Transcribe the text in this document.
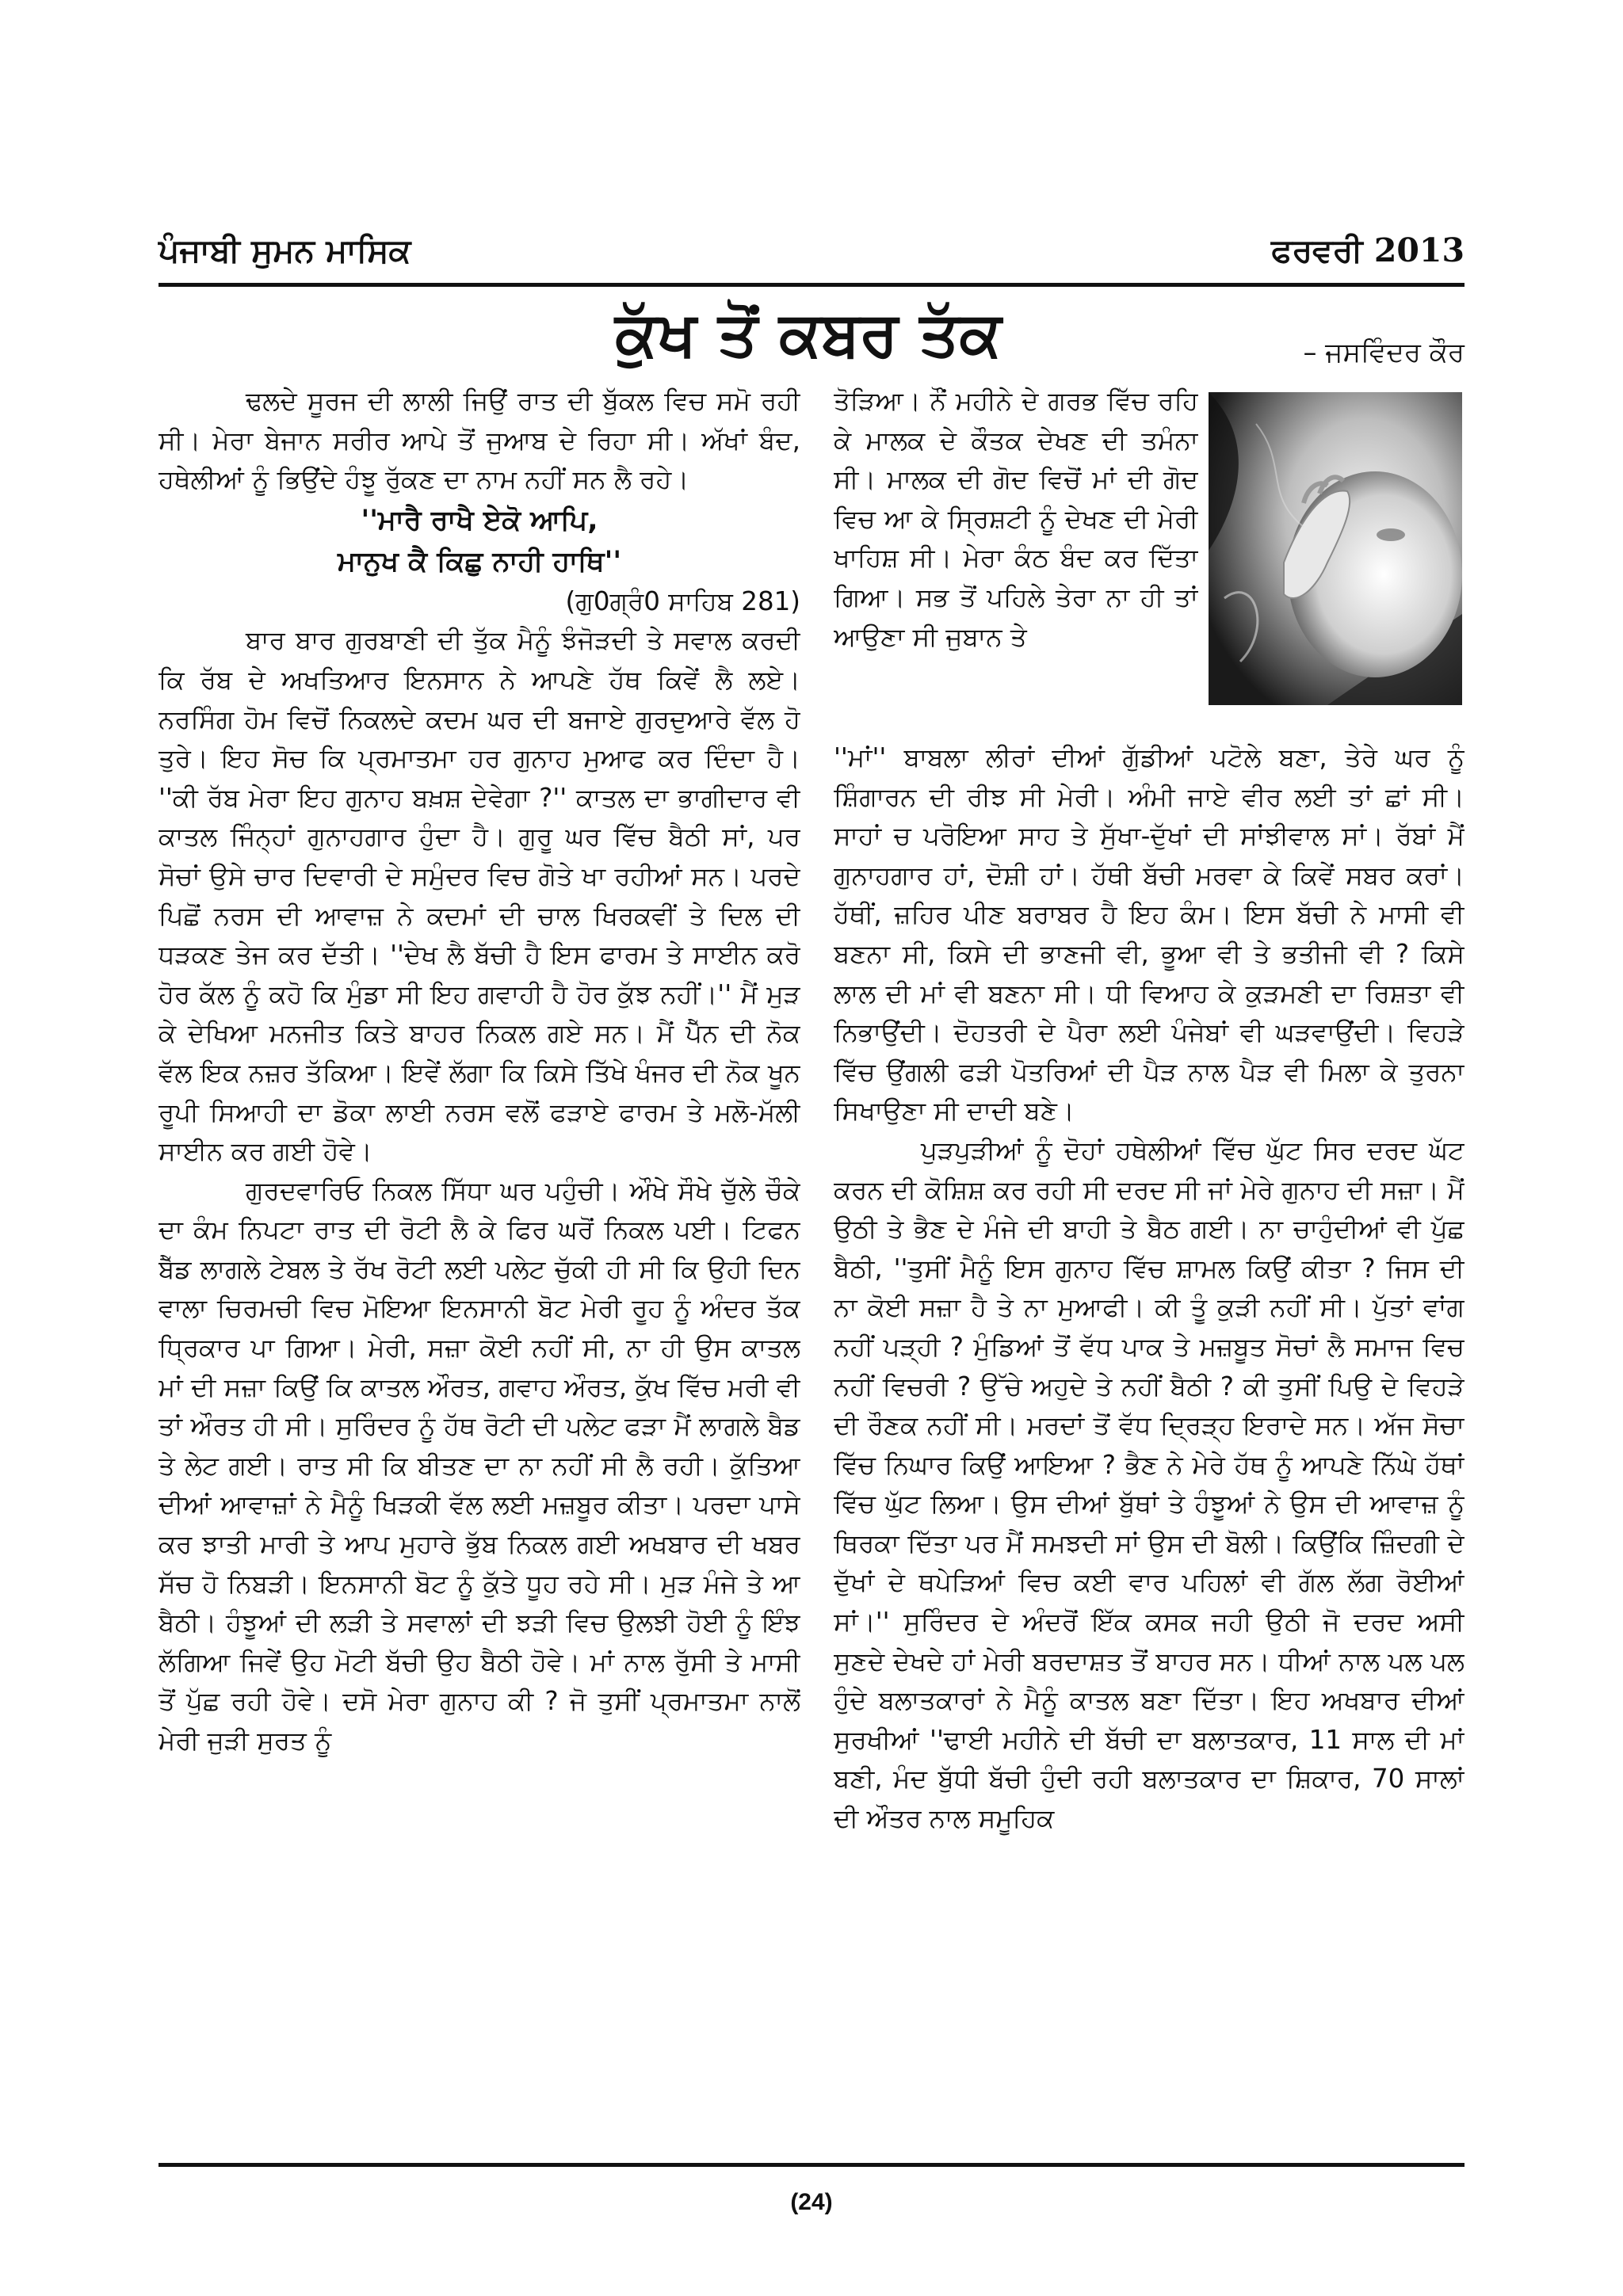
ਪੰਜਾਬੀ ਸੁਮਨ ਮਾਸਿਕ	ਫਰਵਰੀ 2013
ਕੁੱਖ ਤੋਂ ਕਬਰ ਤੱਕ	– ਜਸਵਿੰਦਰ ਕੌਰ

ਢਲਦੇ ਸੂਰਜ ਦੀ ਲਾਲੀ ਜਿਉਂ ਰਾਤ ਦੀ ਬੁੱਕਲ ਵਿਚ ਸਮੋ ਰਹੀ ਸੀ। ਮੇਰਾ ਬੇਜਾਨ ਸਰੀਰ ਆਪੇ ਤੋਂ ਜੁਆਬ ਦੇ ਰਿਹਾ ਸੀ। ਅੱਖਾਂ ਬੰਦ, ਹਥੇਲੀਆਂ ਨੂੰ ਭਿਉਂਦੇ ਹੰਝੂ ਰੁੱਕਣ ਦਾ ਨਾਮ ਨਹੀਂ ਸਨ ਲੈ ਰਹੇ।

''ਮਾਰੈ ਰਾਖੈ ਏਕੋ ਆਪਿ,

ਮਾਨੁਖ ਕੈ ਕਿਛੁ ਨਾਹੀ ਹਾਥਿ''

(ਗੁ0ਗ੍ਰੰ0 ਸਾਹਿਬ 281)

ਬਾਰ ਬਾਰ ਗੁਰਬਾਣੀ ਦੀ ਤੁੱਕ ਮੈਨੂੰ ਝੰਜੋੜਦੀ ਤੇ ਸਵਾਲ ਕਰਦੀ ਕਿ ਰੱਬ ਦੇ ਅਖਤਿਆਰ ਇਨਸਾਨ ਨੇ ਆਪਣੇ ਹੱਥ ਕਿਵੇਂ ਲੈ ਲਏ। ਨਰਸਿੰਗ ਹੋਮ ਵਿਚੋਂ ਨਿਕਲਦੇ ਕਦਮ ਘਰ ਦੀ ਬਜਾਏ ਗੁਰਦੁਆਰੇ ਵੱਲ ਹੋ ਤੁਰੇ। ਇਹ ਸੋਚ ਕਿ ਪ੍ਰਮਾਤਮਾ ਹਰ ਗੁਨਾਹ ਮੁਆਫ ਕਰ ਦਿੰਦਾ ਹੈ। ''ਕੀ ਰੱਬ ਮੇਰਾ ਇਹ ਗੁਨਾਹ ਬਖ਼ਸ਼ ਦੇਵੇਗਾ ?'' ਕਾਤਲ ਦਾ ਭਾਗੀਦਾਰ ਵੀ ਕਾਤਲ ਜਿੰਨ੍ਹਾਂ ਗੁਨਾਹਗਾਰ ਹੁੰਦਾ ਹੈ। ਗੁਰੂ ਘਰ ਵਿੱਚ ਬੈਠੀ ਸਾਂ, ਪਰ ਸੋਚਾਂ ਉਸੇ ਚਾਰ ਦਿਵਾਰੀ ਦੇ ਸਮੁੰਦਰ ਵਿਚ ਗੋਤੇ ਖਾ ਰਹੀਆਂ ਸਨ। ਪਰਦੇ ਪਿਛੋਂ ਨਰਸ ਦੀ ਆਵਾਜ਼ ਨੇ ਕਦਮਾਂ ਦੀ ਚਾਲ ਖਿਰਕਵੀਂ ਤੇ ਦਿਲ ਦੀ ਧੜਕਣ ਤੇਜ ਕਰ ਦੱਤੀ। ''ਦੇਖ ਲੈ ਬੱਚੀ ਹੈ ਇਸ ਫਾਰਮ ਤੇ ਸਾਈਨ ਕਰੋ ਹੋਰ ਕੱਲ ਨੂੰ ਕਹੋ ਕਿ ਮੁੰਡਾ ਸੀ ਇਹ ਗਵਾਹੀ ਹੈ ਹੋਰ ਕੁੱਝ ਨਹੀਂ।'' ਮੈਂ ਮੁੜ ਕੇ ਦੇਖਿਆ ਮਨਜੀਤ ਕਿਤੇ ਬਾਹਰ ਨਿਕਲ ਗਏ ਸਨ। ਮੈਂ ਪੈੱਨ ਦੀ ਨੋਕ ਵੱਲ ਇਕ ਨਜ਼ਰ ਤੱਕਿਆ। ਇਵੇਂ ਲੱਗਾ ਕਿ ਕਿਸੇ ਤਿੱਖੇ ਖੰਜਰ ਦੀ ਨੋਕ ਖੂਨ ਰੂਪੀ ਸਿਆਹੀ ਦਾ ਡੋਕਾ ਲਾਈ ਨਰਸ ਵਲੋਂ ਫੜਾਏ ਫਾਰਮ ਤੇ ਮਲੋ-ਮੱਲੀ ਸਾਈਨ ਕਰ ਗਈ ਹੋਵੇ।

ਗੁਰਦਵਾਰਿਓ ਨਿਕਲ ਸਿੱਧਾ ਘਰ ਪਹੁੰਚੀ। ਔਖੇ ਸੌਖੇ ਚੁੱਲੇ ਚੌਕੇ ਦਾ ਕੰਮ ਨਿਪਟਾ ਰਾਤ ਦੀ ਰੋਟੀ ਲੈ ਕੇ ਫਿਰ ਘਰੋਂ ਨਿਕਲ ਪਈ। ਟਿਫਨ ਬੈੱਡ ਲਾਗਲੇ ਟੇਬਲ ਤੇ ਰੱਖ ਰੋਟੀ ਲਈ ਪਲੇਟ ਚੁੱਕੀ ਹੀ ਸੀ ਕਿ ਉਹੀ ਦਿਨ ਵਾਲਾ ਚਿਰਮਚੀ ਵਿਚ ਮੋਇਆ ਇਨਸਾਨੀ ਬੋਟ ਮੇਰੀ ਰੂਹ ਨੂੰ ਅੰਦਰ ਤੱਕ ਧ੍ਰਿਕਾਰ ਪਾ ਗਿਆ। ਮੇਰੀ, ਸਜ਼ਾ ਕੋਈ ਨਹੀਂ ਸੀ, ਨਾ ਹੀ ਉਸ ਕਾਤਲ ਮਾਂ ਦੀ ਸਜ਼ਾ ਕਿਉਂ ਕਿ ਕਾਤਲ ਔਰਤ, ਗਵਾਹ ਔਰਤ, ਕੁੱਖ ਵਿੱਚ ਮਰੀ ਵੀ ਤਾਂ ਔਰਤ ਹੀ ਸੀ। ਸੁਰਿੰਦਰ ਨੂੰ ਹੱਥ ਰੋਟੀ ਦੀ ਪਲੇਟ ਫੜਾ ਮੈਂ ਲਾਗਲੇ ਬੈਡ ਤੇ ਲੇਟ ਗਈ। ਰਾਤ ਸੀ ਕਿ ਬੀਤਣ ਦਾ ਨਾ ਨਹੀਂ ਸੀ ਲੈ ਰਹੀ। ਕੁੱਤਿਆ ਦੀਆਂ ਆਵਾਜ਼ਾਂ ਨੇ ਮੈਨੂੰ ਖਿੜਕੀ ਵੱਲ ਲਈ ਮਜ਼ਬੂਰ ਕੀਤਾ। ਪਰਦਾ ਪਾਸੇ ਕਰ ਝਾਤੀ ਮਾਰੀ ਤੇ ਆਪ ਮੁਹਾਰੇ ਭੁੱਬ ਨਿਕਲ ਗਈ ਅਖਬਾਰ ਦੀ ਖਬਰ ਸੱਚ ਹੋ ਨਿਬੜੀ। ਇਨਸਾਨੀ ਬੋਟ ਨੂੰ ਕੁੱਤੇ ਧੂਹ ਰਹੇ ਸੀ। ਮੁੜ ਮੰਜੇ ਤੇ ਆ ਬੈਠੀ। ਹੰਝੂਆਂ ਦੀ ਲੜੀ ਤੇ ਸਵਾਲਾਂ ਦੀ ਝੜੀ ਵਿਚ ਉਲਝੀ ਹੋਈ ਨੂੰ ਇੰਝ ਲੱਗਿਆ ਜਿਵੇਂ ਉਹ ਮੋਟੀ ਬੱਚੀ ਉਹ ਬੈਠੀ ਹੋਵੇ। ਮਾਂ ਨਾਲ ਰੁੱਸੀ ਤੇ ਮਾਸੀ ਤੋਂ ਪੁੱਛ ਰਹੀ ਹੋਵੇ। ਦਸੋ ਮੇਰਾ ਗੁਨਾਹ ਕੀ ? ਜੋ ਤੁਸੀਂ ਪ੍ਰਮਾਤਮਾ ਨਾਲੋਂ ਮੇਰੀ ਜੁੜੀ ਸੁਰਤ ਨੂੰ

ਤੋੜਿਆ। ਨੌਂ ਮਹੀਨੇ ਦੇ ਗਰਭ ਵਿੱਚ ਰਹਿ ਕੇ ਮਾਲਕ ਦੇ ਕੌਤਕ ਦੇਖਣ ਦੀ ਤਮੰਨਾ ਸੀ। ਮਾਲਕ ਦੀ ਗੋਦ ਵਿਚੋਂ ਮਾਂ ਦੀ ਗੋਦ ਵਿਚ ਆ ਕੇ ਸ੍ਰਿਸ਼ਟੀ ਨੂੰ ਦੇਖਣ ਦੀ ਮੇਰੀ ਖਾਹਿਸ਼ ਸੀ। ਮੇਰਾ ਕੰਠ ਬੰਦ ਕਰ ਦਿੱਤਾ ਗਿਆ। ਸਭ ਤੋਂ ਪਹਿਲੇ ਤੇਰਾ ਨਾ ਹੀ ਤਾਂ ਆਉਣਾ ਸੀ ਜੁਬਾਨ ਤੇ

''ਮਾਂ'' ਬਾਬਲਾ ਲੀਰਾਂ ਦੀਆਂ ਗੁੱਡੀਆਂ ਪਟੋਲੇ ਬਣਾ, ਤੇਰੇ ਘਰ ਨੂੰ ਸ਼ਿੰਗਾਰਨ ਦੀ ਰੀਝ ਸੀ ਮੇਰੀ। ਅੰਮੀ ਜਾਏ ਵੀਰ ਲਈ ਤਾਂ ਛਾਂ ਸੀ। ਸਾਹਾਂ ਚ ਪਰੋਇਆ ਸਾਹ ਤੇ ਸੁੱਖਾ-ਦੁੱਖਾਂ ਦੀ ਸਾਂਝੀਵਾਲ ਸਾਂ। ਰੱਬਾਂ ਮੈਂ ਗੁਨਾਹਗਾਰ ਹਾਂ, ਦੋਸ਼ੀ ਹਾਂ। ਹੱਥੀ ਬੱਚੀ ਮਰਵਾ ਕੇ ਕਿਵੇਂ ਸਬਰ ਕਰਾਂ। ਹੱਥੀਂ, ਜ਼ਹਿਰ ਪੀਣ ਬਰਾਬਰ ਹੈ ਇਹ ਕੰਮ। ਇਸ ਬੱਚੀ ਨੇ ਮਾਸੀ ਵੀ ਬਣਨਾ ਸੀ, ਕਿਸੇ ਦੀ ਭਾਣਜੀ ਵੀ, ਭੂਆ ਵੀ ਤੇ ਭਤੀਜੀ ਵੀ ? ਕਿਸੇ ਲਾਲ ਦੀ ਮਾਂ ਵੀ ਬਣਨਾ ਸੀ। ਧੀ ਵਿਆਹ ਕੇ ਕੁੜਮਣੀ ਦਾ ਰਿਸ਼ਤਾ ਵੀ ਨਿਭਾਉਂਦੀ। ਦੋਹਤਰੀ ਦੇ ਪੈਰਾ ਲਈ ਪੰਜੇਬਾਂ ਵੀ ਘੜਵਾਉਂਦੀ। ਵਿਹੜੇ ਵਿੱਚ ਉਂਗਲੀ ਫੜੀ ਪੋਤਰਿਆਂ ਦੀ ਪੈੜ ਨਾਲ ਪੈੜ ਵੀ ਮਿਲਾ ਕੇ ਤੁਰਨਾ ਸਿਖਾਉਣਾ ਸੀ ਦਾਦੀ ਬਣੇ।

ਪੁੜਪੁੜੀਆਂ ਨੂੰ ਦੋਹਾਂ ਹਥੇਲੀਆਂ ਵਿੱਚ ਘੁੱਟ ਸਿਰ ਦਰਦ ਘੱਟ ਕਰਨ ਦੀ ਕੋਸ਼ਿਸ਼ ਕਰ ਰਹੀ ਸੀ ਦਰਦ ਸੀ ਜਾਂ ਮੇਰੇ ਗੁਨਾਹ ਦੀ ਸਜ਼ਾ। ਮੈਂ ਉਠੀ ਤੇ ਭੈਣ ਦੇ ਮੰਜੇ ਦੀ ਬਾਹੀ ਤੇ ਬੈਠ ਗਈ। ਨਾ ਚਾਹੁੰਦੀਆਂ ਵੀ ਪੁੱਛ ਬੈਠੀ, ''ਤੁਸੀਂ ਮੈਨੂੰ ਇਸ ਗੁਨਾਹ ਵਿੱਚ ਸ਼ਾਮਲ ਕਿਉਂ ਕੀਤਾ ? ਜਿਸ ਦੀ ਨਾ ਕੋਈ ਸਜ਼ਾ ਹੈ ਤੇ ਨਾ ਮੁਆਫੀ। ਕੀ ਤੂੰ ਕੁੜੀ ਨਹੀਂ ਸੀ। ਪੁੱਤਾਂ ਵਾਂਗ ਨਹੀਂ ਪੜ੍ਹੀ ? ਮੁੰਡਿਆਂ ਤੋਂ ਵੱਧ ਪਾਕ ਤੇ ਮਜ਼ਬੂਤ ਸੋਚਾਂ ਲੈ ਸਮਾਜ ਵਿਚ ਨਹੀਂ ਵਿਚਰੀ ? ਉੱਚੇ ਅਹੁਦੇ ਤੇ ਨਹੀਂ ਬੈਠੀ ? ਕੀ ਤੁਸੀਂ ਪਿਉ ਦੇ ਵਿਹੜੇ ਦੀ ਰੌਣਕ ਨਹੀਂ ਸੀ। ਮਰਦਾਂ ਤੋਂ ਵੱਧ ਦ੍ਰਿੜ੍ਹ ਇਰਾਦੇ ਸਨ। ਅੱਜ ਸੋਚਾ ਵਿੱਚ ਨਿਘਾਰ ਕਿਉਂ ਆਇਆ ? ਭੈਣ ਨੇ ਮੇਰੇ ਹੱਥ ਨੂੰ ਆਪਣੇ ਨਿੱਘੇ ਹੱਥਾਂ ਵਿੱਚ ਘੁੱਟ ਲਿਆ। ਉਸ ਦੀਆਂ ਬੁੱਥਾਂ ਤੇ ਹੰਝੂਆਂ ਨੇ ਉਸ ਦੀ ਆਵਾਜ਼ ਨੂੰ ਥਿਰਕਾ ਦਿੱਤਾ ਪਰ ਮੈਂ ਸਮਝਦੀ ਸਾਂ ਉਸ ਦੀ ਬੋਲੀ। ਕਿਉਂਕਿ ਜ਼ਿੰਦਗੀ ਦੇ ਦੁੱਖਾਂ ਦੇ ਥਪੇੜਿਆਂ ਵਿਚ ਕਈ ਵਾਰ ਪਹਿਲਾਂ ਵੀ ਗੱਲ ਲੱਗ ਰੋਈਆਂ ਸਾਂ।'' ਸੁਰਿੰਦਰ ਦੇ ਅੰਦਰੋਂ ਇੱਕ ਕਸਕ ਜਹੀ ਉਠੀ ਜੋ ਦਰਦ ਅਸੀ ਸੁਣਦੇ ਦੇਖਦੇ ਹਾਂ ਮੇਰੀ ਬਰਦਾਸ਼ਤ ਤੋਂ ਬਾਹਰ ਸਨ। ਧੀਆਂ ਨਾਲ ਪਲ ਪਲ ਹੁੰਦੇ ਬਲਾਤਕਾਰਾਂ ਨੇ ਮੈਨੂੰ ਕਾਤਲ ਬਣਾ ਦਿੱਤਾ। ਇਹ ਅਖਬਾਰ ਦੀਆਂ ਸੁਰਖੀਆਂ ''ਢਾਈ ਮਹੀਨੇ ਦੀ ਬੱਚੀ ਦਾ ਬਲਾਤਕਾਰ, 11 ਸਾਲ ਦੀ ਮਾਂ ਬਣੀ, ਮੰਦ ਬੁੱਧੀ ਬੱਚੀ ਹੁੰਦੀ ਰਹੀ ਬਲਾਤਕਾਰ ਦਾ ਸ਼ਿਕਾਰ, 70 ਸਾਲਾਂ ਦੀ ਔਤਰ ਨਾਲ ਸਮੂਹਿਕ

(24)
